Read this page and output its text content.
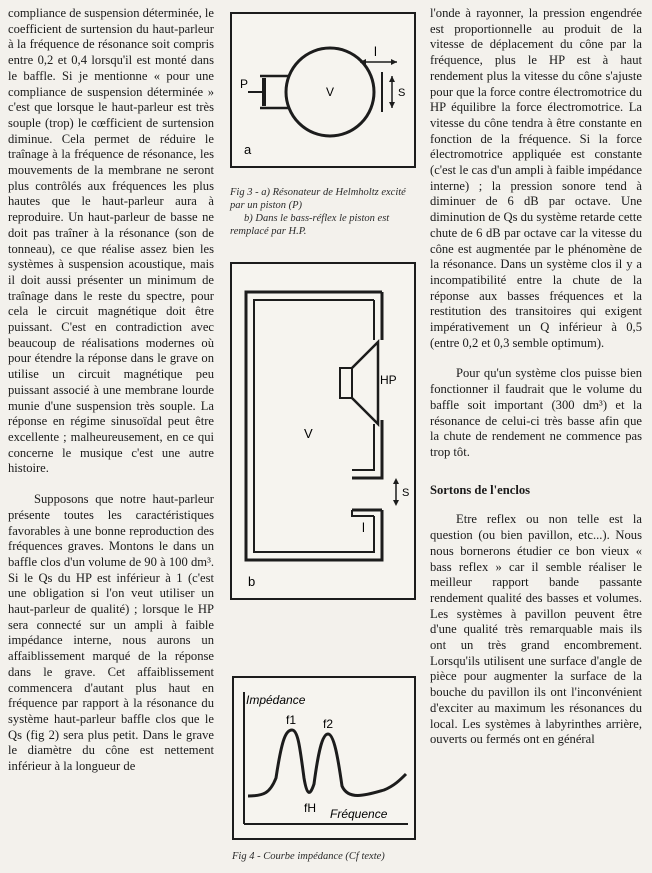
compliance de suspension déterminée, le coefficient de surtension du haut-parleur à la fréquence de résonance soit compris entre 0,2 et 0,4 lorsqu'il est monté dans le baffle. Si je mentionne « pour une compliance de suspension déterminée » c'est que lorsque le haut-parleur est très souple (trop) le cœfficient de surtension diminue. Cela permet de réduire le traînage à la fréquence de résonance, les mouvements de la membrane ne seront plus contrôlés aux fréquences les plus hautes que le haut-parleur aura à reproduire. Un haut-parleur de basse ne doit pas traîner à la résonance (son de tonneau), ce que réalise assez bien les systèmes à suspension acoustique, mais il doit aussi présenter un minimum de traînage dans le reste du spectre, pour cela le circuit magnétique doit être puissant. C'est en contradiction avec beaucoup de réalisations modernes où pour étendre la réponse dans le grave on utilise un circuit magnétique peu puissant associé à une membrane lourde munie d'une suspension très souple. La réponse en régime sinusoïdal peut être excellente ; malheureusement, en ce qui concerne le musique c'est une autre histoire.

Supposons que notre haut-parleur présente toutes les caractéristiques favorables à une bonne reproduction des fréquences graves. Montons le dans un baffle clos d'un volume de 90 à 100 dm³. Si le Qs du HP est inférieur à 1 (c'est une obligation si l'on veut utiliser un haut-parleur de qualité) ; lorsque le HP sera connecté sur un ampli à faible impédance interne, nous aurons un affaiblissement marqué de la réponse dans le grave. Cet affaiblissement commencera d'autant plus haut en fréquence par rapport à la résonance du système haut-parleur baffle clos que le Qs (fig 2) sera plus petit. Dans le grave le diamètre du cône est nettement inférieur à la longueur de

P
V
l
S
a
Fig 3 - a) Résonateur de Helmholtz excité par un piston (P)
b) Dans le bass-réflex le piston est remplacé par H.P.
V
HP
S
l
b
Impédance
f1 f2
fH Fréquence
Fig 4 - Courbe impédance (Cf texte)

l'onde à rayonner, la pression engendrée est proportionnelle au produit de la vitesse de déplacement du cône par la fréquence, plus le HP est à haut rendement plus la vitesse du cône s'ajuste pour que la force contre électromotrice du HP équilibre la force électromotrice. La vitesse du cône tendra à être constante en fonction de la fréquence. Si la force électromotrice appliquée est constante (c'est le cas d'un ampli à faible impédance interne) ; la pression sonore tend à diminuer de 6 dB par octave. Une diminution de Qs du système retarde cette chute de 6 dB par octave car la vitesse du cône est augmentée par le phénomène de la résonance. Dans un système clos il y a incompatibilité entre la chute de la réponse aux basses fréquences et la restitution des transitoires qui exigent impérativement un Q inférieur à 0,5 (entre 0,2 et 0,3 semble optimum).

Pour qu'un système clos puisse bien fonctionner il faudrait que le volume du baffle soit important (300 dm³) et la résonance de celui-ci très basse afin que la chute de rendement ne commence pas trop tôt.

Sortons de l'enclos

Etre reflex ou non telle est la question (ou bien pavillon, etc...). Nous nous bornerons étudier ce bon vieux « bass reflex » car il semble réaliser le meilleur rapport bande passante rendement qualité des basses et volumes. Les systèmes à pavillon peuvent être d'une qualité très remarquable mais ils ont un très grand encombrement. Lorsqu'ils utilisent une surface d'angle de pièce pour augmenter la surface de la bouche du pavillon ils ont l'inconvénient d'exciter au maximum les résonances du local. Les systèmes à labyrinthes arrière, ouverts ou fermés ont en général
